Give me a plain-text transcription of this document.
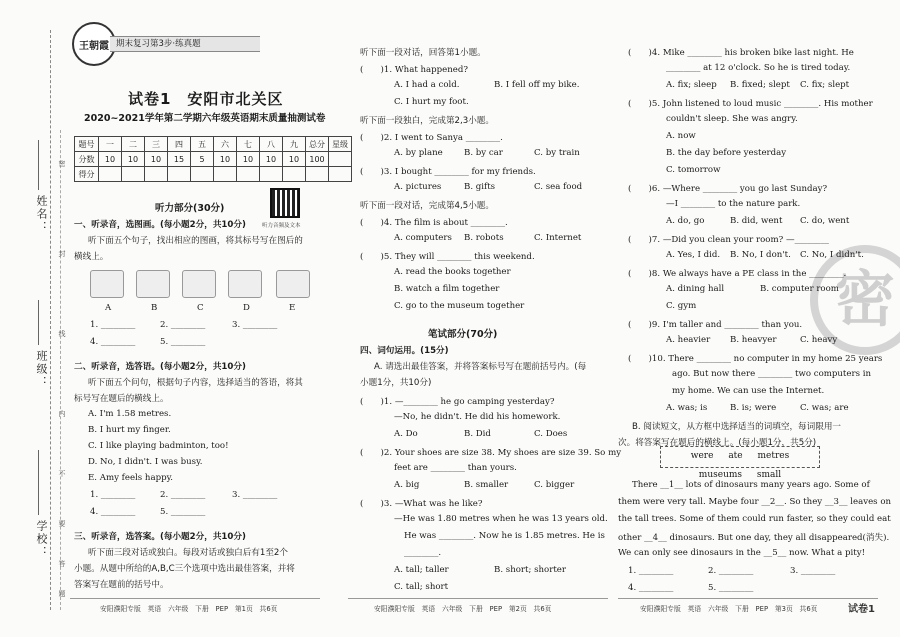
姓名：
班级：
学校：
密
封
线
内
不
要
答
题
王朝霞 期末复习第3步·练真题
试卷1　安阳市北关区
2020~2021学年第二学期六年级英语期末质量抽测试卷
题号	一	二	三	四	五	六	七	八	九	总分	星级
分数	10	10	10	15	5	10	10	10	10	100	
得分											
听力部分(30分)
听力音频及文本
一、听录音，选图画。(每小题2分，共10分)
听下面五个句子，找出相应的图画，将其标号写在图后的
横线上。
A	B	C	D	E
1. ________	2. ________	3. ________
4. ________	5. ________
二、听录音，选答语。(每小题2分，共10分)
听下面五个问句，根据句子内容，选择适当的答语，将其
标号写在题后的横线上。
A. I'm 1.58 metres.
B. I hurt my finger.
C. I like playing badminton, too!
D. No, I didn't. I was busy.
E. Amy feels happy.
1. ________	2. ________	3. ________
4. ________	5. ________
三、听录音，选答案。(每小题2分，共10分)
听下面三段对话或独白。每段对话或独白后有1至2个
小题。从题中所给的A,B,C三个选项中选出最佳答案，并将
答案写在题前的括号中。
听下面一段对话，回答第1小题。
(　　)1. What happened?
A. I had a cold.	B. I fell off my bike.
C. I hurt my foot.
听下面一段独白，完成第2,3小题。
(　　)2. I went to Sanya ________.
A. by plane B. by car	C. by train
(　　)3. I bought ________ for my friends.
A. pictures	B. gifts	C. sea food
听下面一段对话，完成第4,5小题。
(　　)4. The film is about ________.
A. computers B. robots	C. Internet
(　　)5. They will ________ this weekend.
A. read the books together
B. watch a film together
C. go to the museum together
笔试部分(70分)
四、词句运用。(15分)
A. 请选出最佳答案，并将答案标号写在题前括号内。(每
小题1分，共10分)
(　　)1. —________ he go camping yesterday?
—No, he didn't. He did his homework.
A. Do	B. Did	C. Does
(　　)2. Your shoes are size 38. My shoes are size 39. So my
feet are ________ than yours.
A. big	B. smaller	C. bigger
(　　)3. —What was he like?
—He was 1.80 metres when he was 13 years old.
He was ________. Now he is 1.85 metres. He is
________.
A. tall; taller	B. short; shorter
C. tall; short
密
(　　)4. Mike ________ his broken bike last night. He
________ at 12 o'clock. So he is tired today.
A. fix; sleep B. fixed; slept C. fix; slept
(　　)5. John listened to loud music ________. His mother
couldn't sleep. She was angry.
A. now
B. the day before yesterday
C. tomorrow
(　　)6. —Where ________ you go last Sunday?
—I ________ to the nature park.
A. do, go	B. did, went C. do, went
(　　)7. —Did you clean your room? —________
A. Yes, I did. B. No, I don't. C. No, I didn't.
(　　)8. We always have a PE class in the ________.
A. dining hall	B. computer room
C. gym
(　　)9. I'm taller and ________ than you.
A. heavier B. heavyer	C. heavy
(　　)10. There ________ no computer in my home 25 years
ago. But now there ________ two computers in
my home. We can use the Internet.
A. was; is	B. is; were	C. was; are
B. 阅读短文，从方框中选择适当的词填空，每词限用一
次。将答案写在题后的横线上。(每小题1分，共5分)
were ate metres museums small
There __1__ lots of dinosaurs many years ago. Some of
them were very tall. Maybe four __2__. So they __3__ leaves on
the tall trees. Some of them could run faster, so they could eat
other __4__ dinosaurs. But one day, they all disappeared(消失).
We can only see dinosaurs in the __5__ now. What a pity!
1. ________	2. ________	3. ________
4. ________	5. ________
安阳濮阳专版　英语　六年级　下册　PEP　第1页　共6页	安阳濮阳专版　英语　六年级　下册　PEP　第2页　共6页	安阳濮阳专版　英语　六年级　下册　PEP　第3页　共6页	试卷1
